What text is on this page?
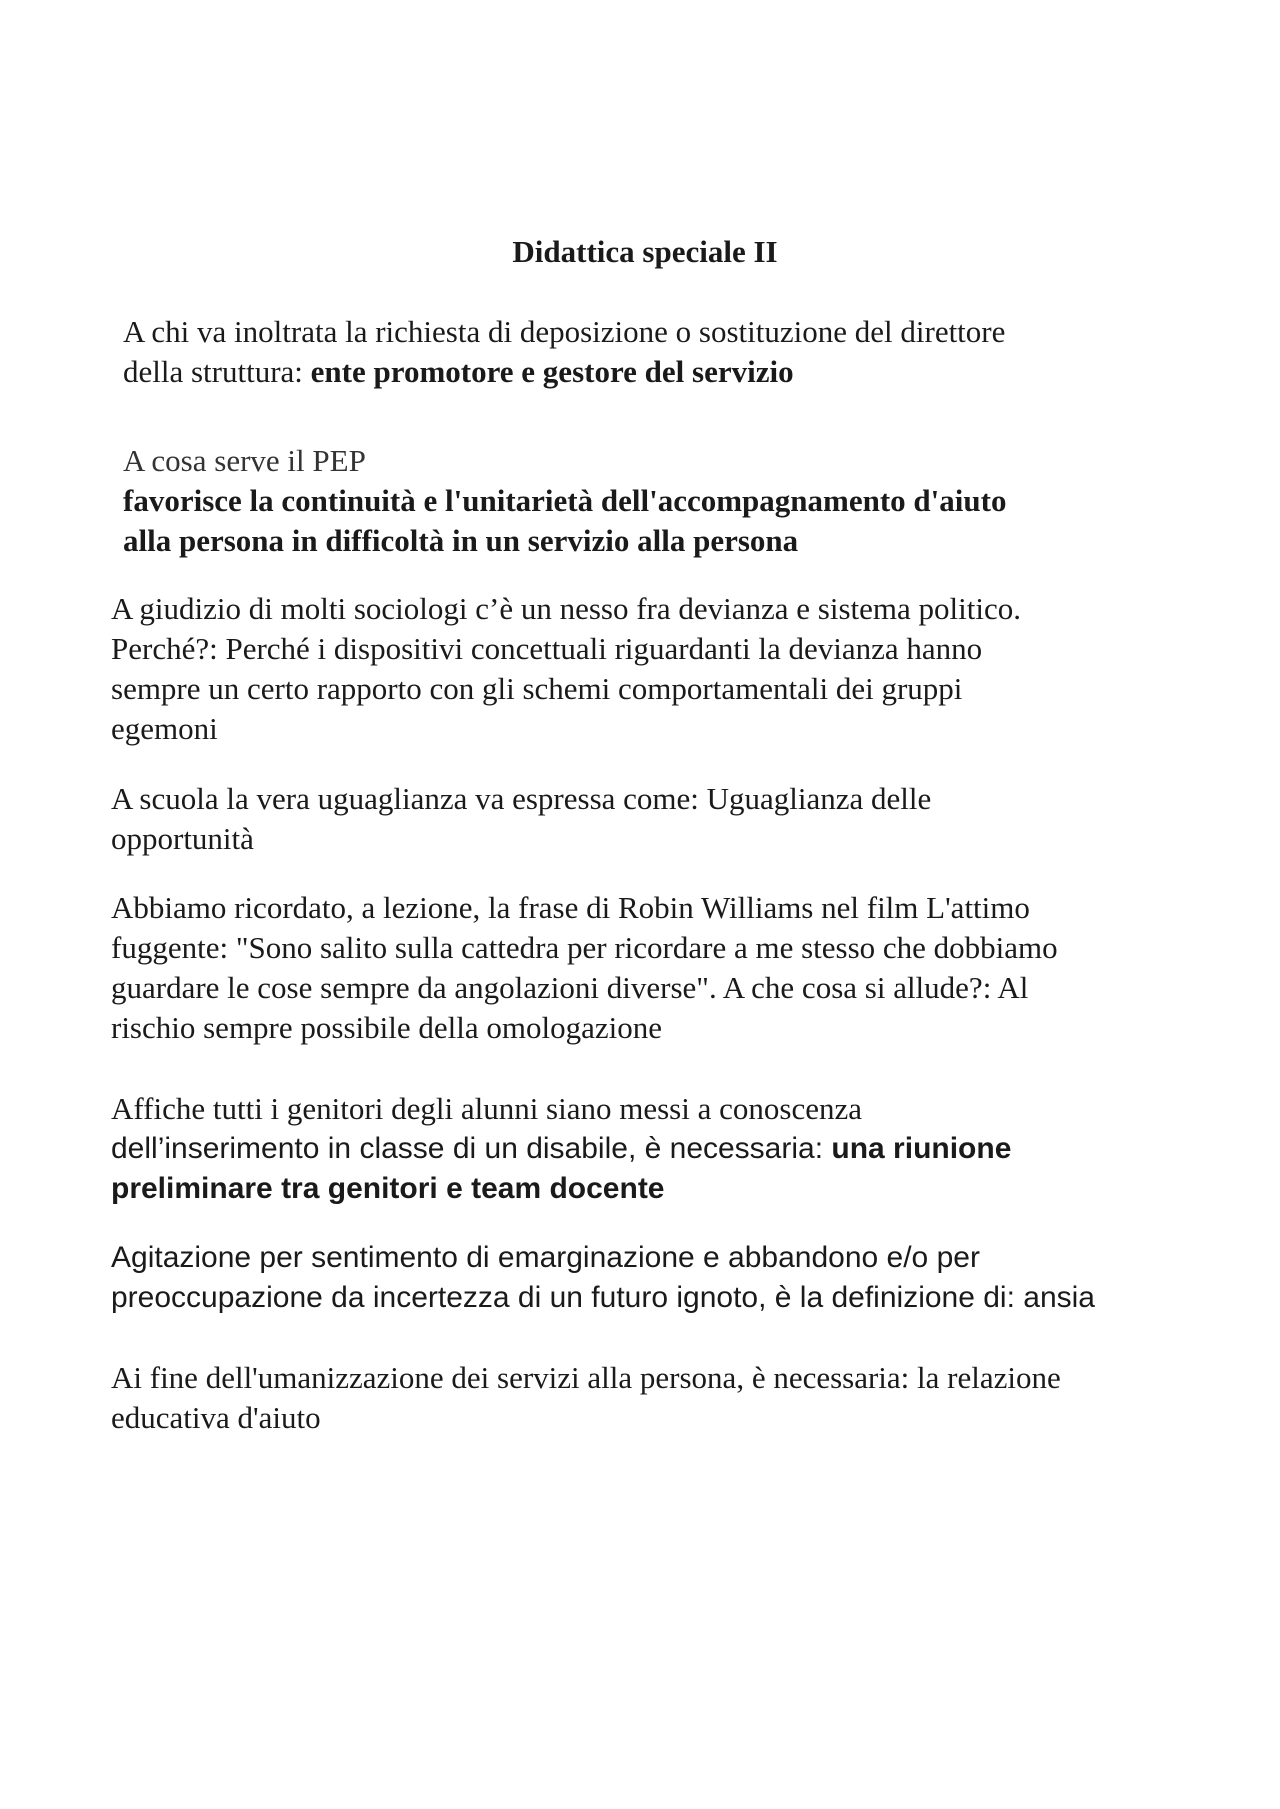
Didattica speciale II
A chi va inoltrata la richiesta di deposizione o sostituzione del direttore
della struttura: ente promotore e gestore del servizio
A cosa serve il PEP
favorisce la continuità e l'unitarietà dell'accompagnamento d'aiuto
alla persona in difficoltà in un servizio alla persona
A giudizio di molti sociologi c’è un nesso fra devianza e sistema politico.
Perché?: Perché i dispositivi concettuali riguardanti la devianza hanno
sempre un certo rapporto con gli schemi comportamentali dei gruppi
egemoni
A scuola la vera uguaglianza va espressa come: Uguaglianza delle
opportunità
Abbiamo ricordato, a lezione, la frase di Robin Williams nel film L'attimo
fuggente: "Sono salito sulla cattedra per ricordare a me stesso che dobbiamo
guardare le cose sempre da angolazioni diverse". A che cosa si allude?: Al
rischio sempre possibile della omologazione
Affiche tutti i genitori degli alunni siano messi a conoscenza
dell’inserimento in classe di un disabile, è necessaria: una riunione
preliminare tra genitori e team docente
Agitazione per sentimento di emarginazione e abbandono e/o per
preoccupazione da incertezza di un futuro ignoto, è la definizione di: ansia
Ai fine dell'umanizzazione dei servizi alla persona, è necessaria: la relazione
educativa d'aiuto
